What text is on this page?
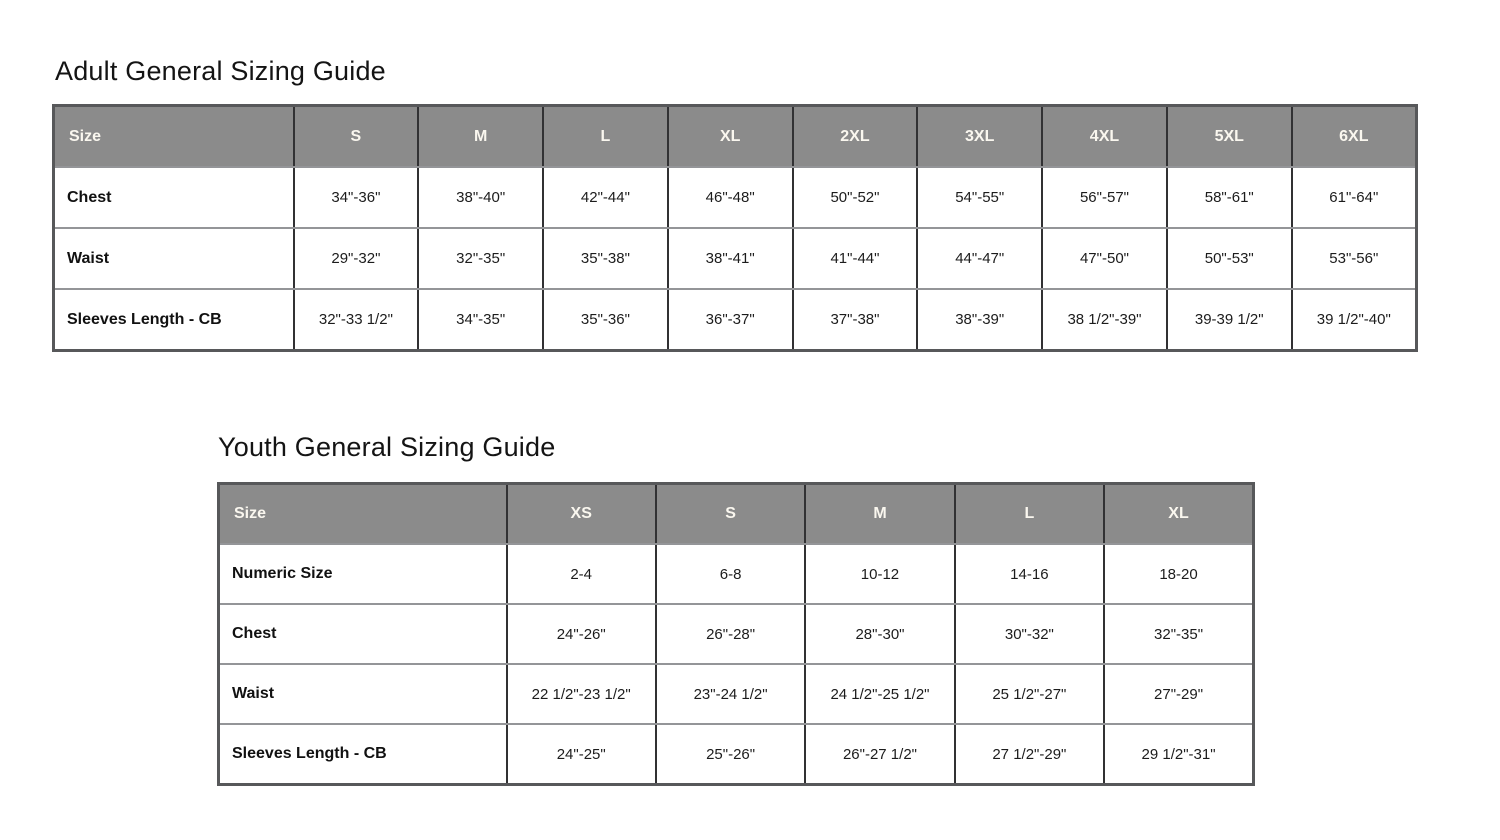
Adult General Sizing Guide
Size	S	M	L	XL	2XL	3XL	4XL	5XL	6XL
Chest	34"-36"	38"-40"	42"-44"	46"-48"	50"-52"	54"-55"	56"-57"	58"-61"	61"-64"
Waist	29"-32"	32"-35"	35"-38"	38"-41"	41"-44"	44"-47"	47"-50"	50"-53"	53"-56"
Sleeves Length - CB	32"-33 1/2"	34"-35"	35"-36"	36"-37"	37"-38"	38"-39"	38 1/2"-39"	39-39 1/2"	39 1/2"-40"
Youth General Sizing Guide
Size	XS	S	M	L	XL
Numeric Size	2-4	6-8	10-12	14-16	18-20
Chest	24"-26"	26"-28"	28"-30"	30"-32"	32"-35"
Waist	22 1/2"-23 1/2"	23"-24 1/2"	24 1/2"-25 1/2"	25 1/2"-27"	27"-29"
Sleeves Length - CB	24"-25"	25"-26"	26"-27 1/2"	27 1/2"-29"	29 1/2"-31"
